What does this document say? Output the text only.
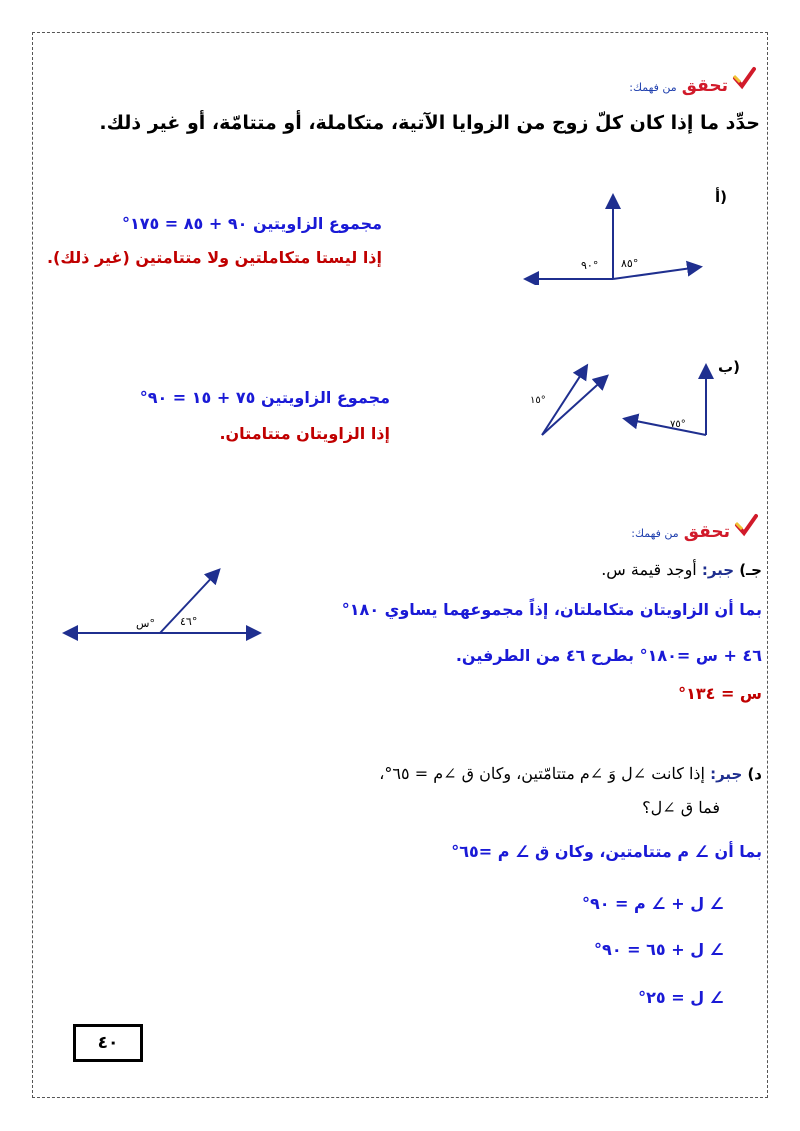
تحقق من فهمك:
حدِّد ما إذا كان كلّ زوج من الزوايا الآتية، متكاملة، أو متتامّة، أو غير ذلك.
أ)
٩٠° ٨٥°
مجموع الزاويتين ٩٠ + ٨٥ = ١٧٥°
إذا ليستا متكاملتين ولا متتامتين (غير ذلك).
ب)
١٥°
٧٥°
مجموع الزاويتين ٧٥ + ١٥ = ٩٠°
إذا الزاويتان متتامتان.
تحقق من فهمك:
جـ) جبر: أوجد قيمة س.
س° ٤٦°
بما أن الزاويتان متكاملتان، إذاً مجموعهما يساوي ١٨٠°
٤٦ + س =١٨٠° بطرح ٤٦ من الطرفين.
س = ١٣٤°
د) جبر: إذا كانت ∠ل وَ ∠م متتامّتين، وكان ق ∠م = ٦٥°،
فما ق ∠ل؟
بما أن ∠ م متتامتين، وكان ق ∠ م =٦٥°
∠ ل + ∠ م = ٩٠°
∠ ل + ٦٥ = ٩٠°
∠ ل = ٢٥°
٤٠
